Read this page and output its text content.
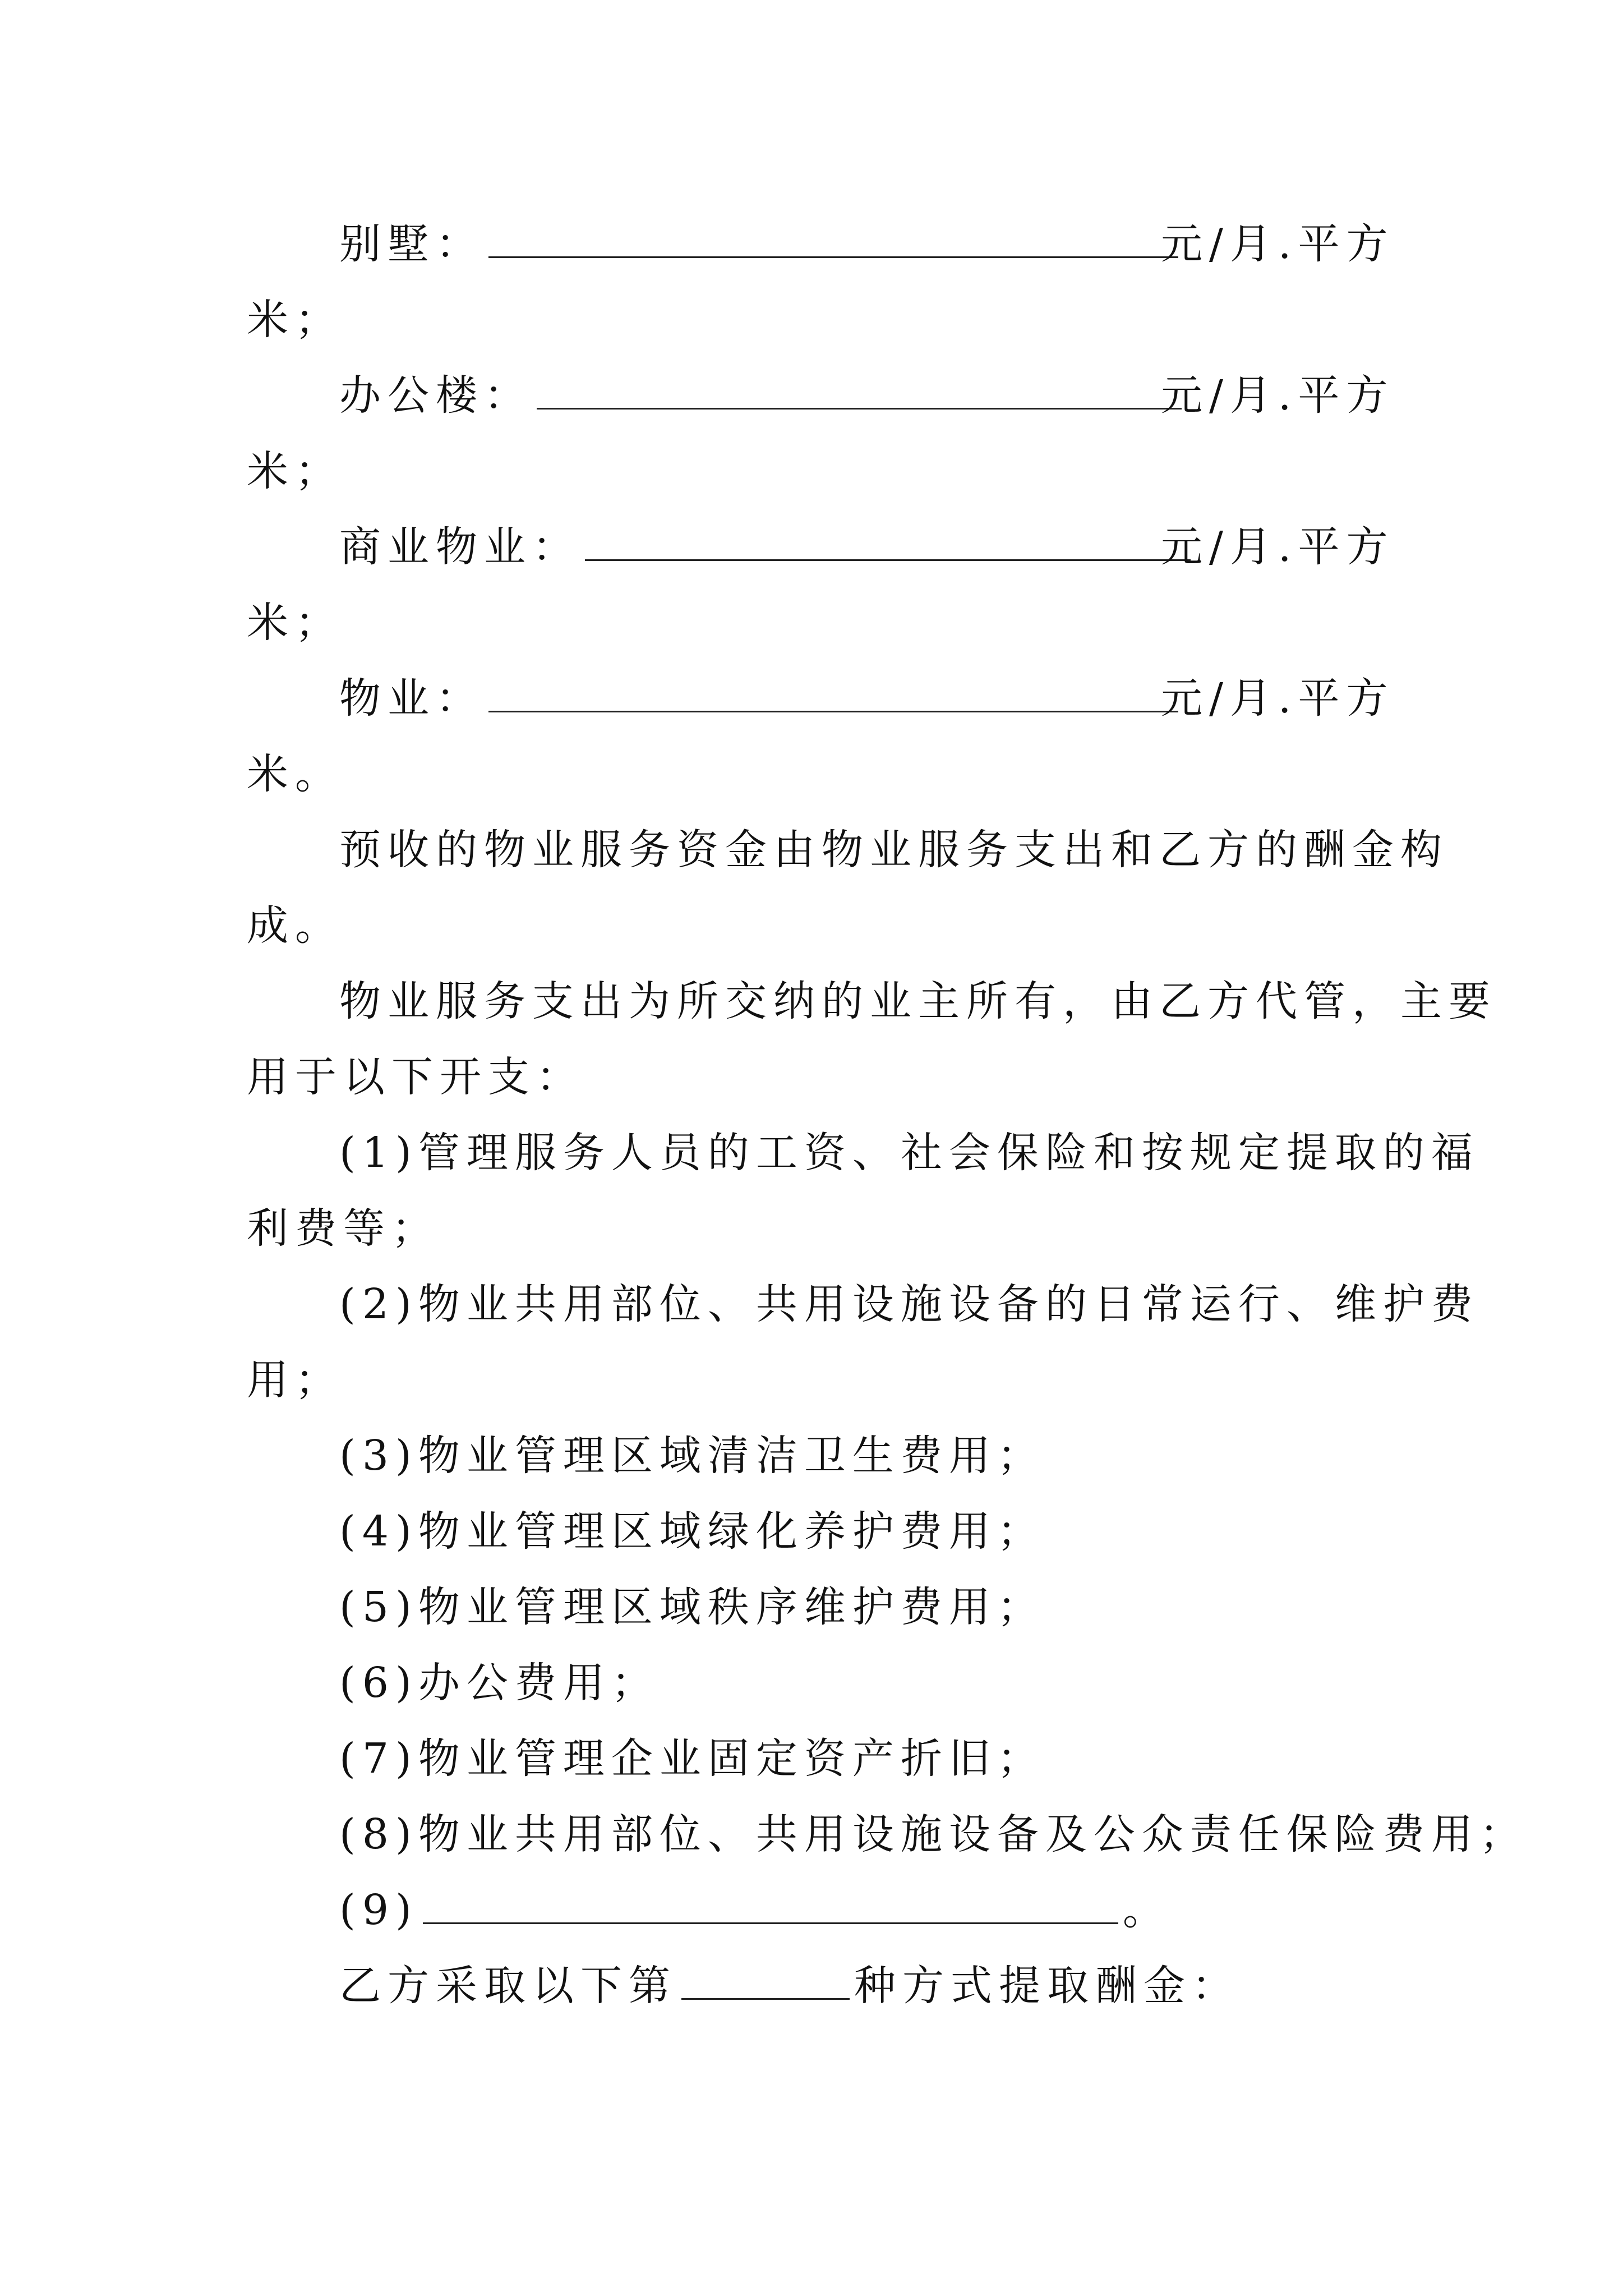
别墅：	元/月.平方
米；
办公楼：	元/月.平方
米；
商业物业：	元/月.平方
米；
物业：	元/月.平方
米。
预收的物业服务资金由物业服务支出和乙方的酬金构
成。
物业服务支出为所交纳的业主所有，由乙方代管，主要
用于以下开支：
(1)管理服务人员的工资、社会保险和按规定提取的福
利费等；
(2)物业共用部位、共用设施设备的日常运行、维护费
用；
(3)物业管理区域清洁卫生费用；
(4)物业管理区域绿化养护费用；
(5)物业管理区域秩序维护费用；
(6)办公费用；
(7)物业管理企业固定资产折旧；
(8)物业共用部位、共用设施设备及公众责任保险费用；
(9)	。
乙方采取以下第	种方式提取酬金：
